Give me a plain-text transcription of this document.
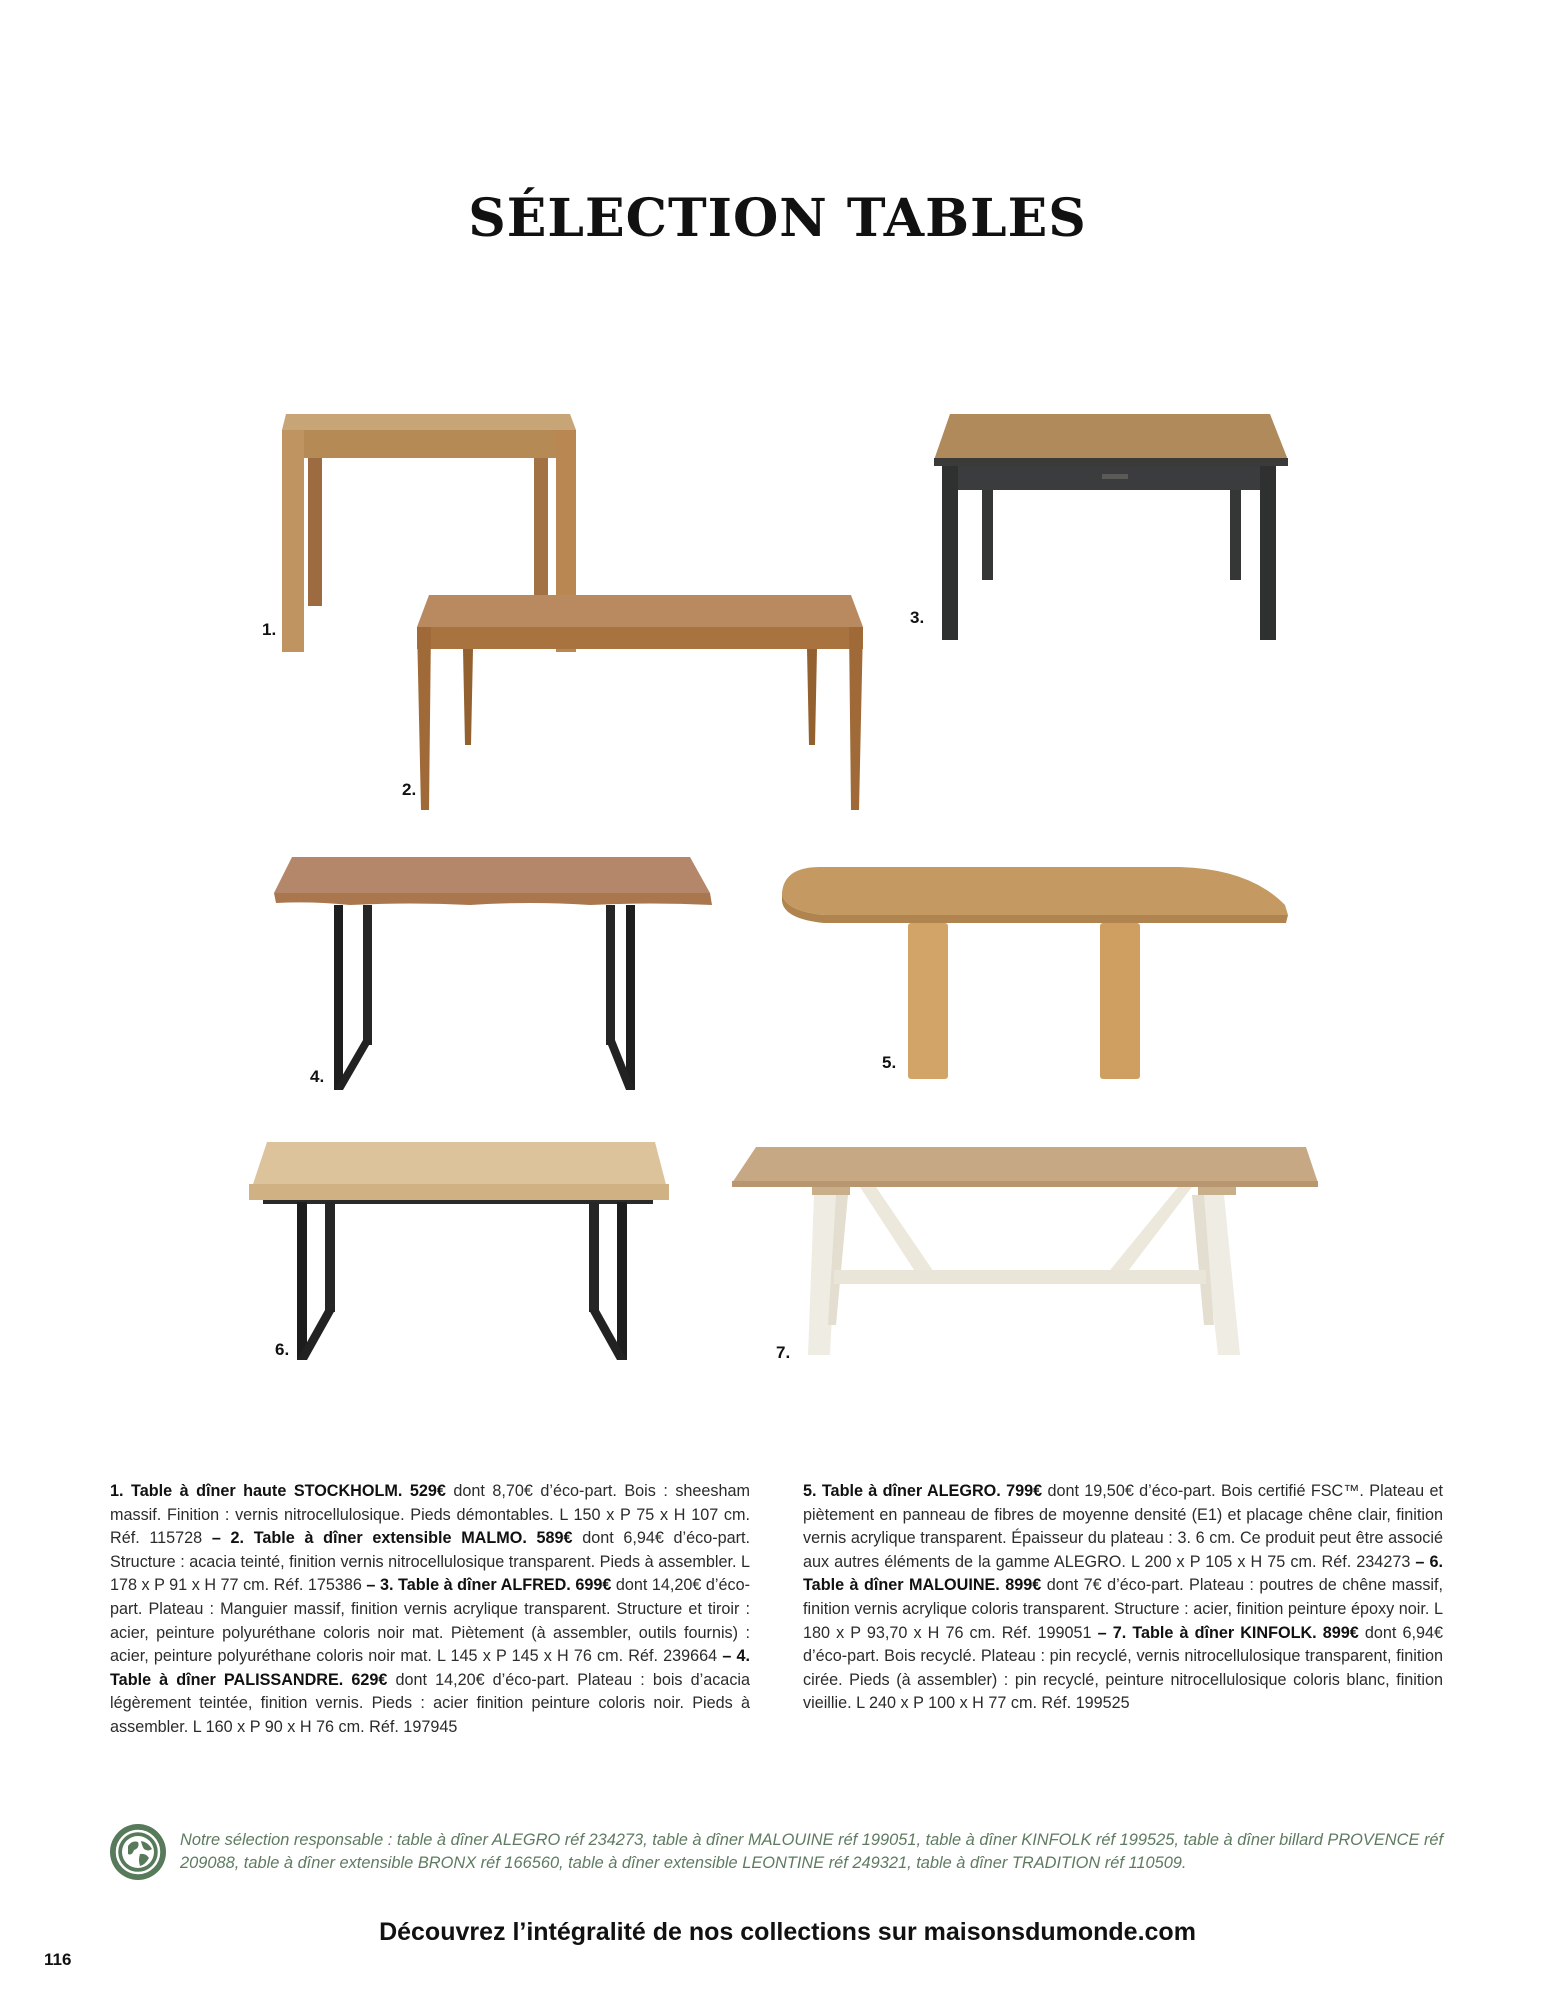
SÉLECTION TABLES
1.
2.
3.
4.
5.
6.	7.
1. Table à dîner haute STOCKHOLM. 529€ dont 8,70€ d’éco-part. Bois : sheesham massif. Finition : vernis nitrocellulosique. Pieds démontables. L 150 x P 75 x H 107 cm. Réf. 115728 – 2. Table à dîner extensible MALMO. 589€ dont 6,94€ d’éco-part. Structure : acacia teinté, finition vernis nitrocellulosique transparent. Pieds à assembler. L 178 x P 91 x H 77 cm. Réf. 175386 – 3. Table à dîner ALFRED. 699€ dont 14,20€ d’éco-part. Plateau : Manguier massif, finition vernis acrylique transparent. Structure et tiroir : acier, peinture polyuréthane coloris noir mat. Piètement (à assembler, outils fournis) : acier, peinture polyuréthane coloris noir mat. L 145 x P 145 x H 76 cm. Réf. 239664 – 4. Table à dîner PALISSANDRE. 629€ dont 14,20€ d’éco-part. Plateau : bois d’acacia légèrement teintée, finition vernis. Pieds : acier finition peinture coloris noir. Pieds à assembler. L 160 x P 90 x H 76 cm. Réf. 197945
5. Table à dîner ALEGRO. 799€ dont 19,50€ d’éco-part. Bois certifié FSC™. Plateau et piètement en panneau de fibres de moyenne densité (E1) et placage chêne clair, finition vernis acrylique transparent. Épaisseur du plateau : 3. 6 cm. Ce produit peut être associé aux autres éléments de la gamme ALEGRO. L 200 x P 105 x H 75 cm. Réf. 234273 – 6. Table à dîner MALOUINE. 899€ dont 7€ d’éco-part. Plateau : poutres de chêne massif, finition vernis acrylique coloris transparent. Structure : acier, finition peinture époxy noir. L 180 x P 93,70 x H 76 cm. Réf. 199051 – 7. Table à dîner KINFOLK. 899€ dont 6,94€ d’éco-part. Bois recyclé. Plateau : pin recyclé, vernis nitrocellulosique transparent, finition cirée. Pieds (à assembler) : pin recyclé, peinture nitrocellulosique coloris blanc, finition vieillie. L 240 x P 100 x H 77 cm. Réf. 199525

Notre sélection responsable : table à dîner ALEGRO réf 234273, table à dîner MALOUINE réf 199051, table à dîner KINFOLK réf 199525, table à dîner billard PROVENCE réf 209088, table à dîner extensible BRONX réf 166560, table à dîner extensible LEONTINE réf 249321, table à dîner TRADITION réf 110509.

116

Découvrez l’intégralité de nos collections sur maisonsdumonde.com
